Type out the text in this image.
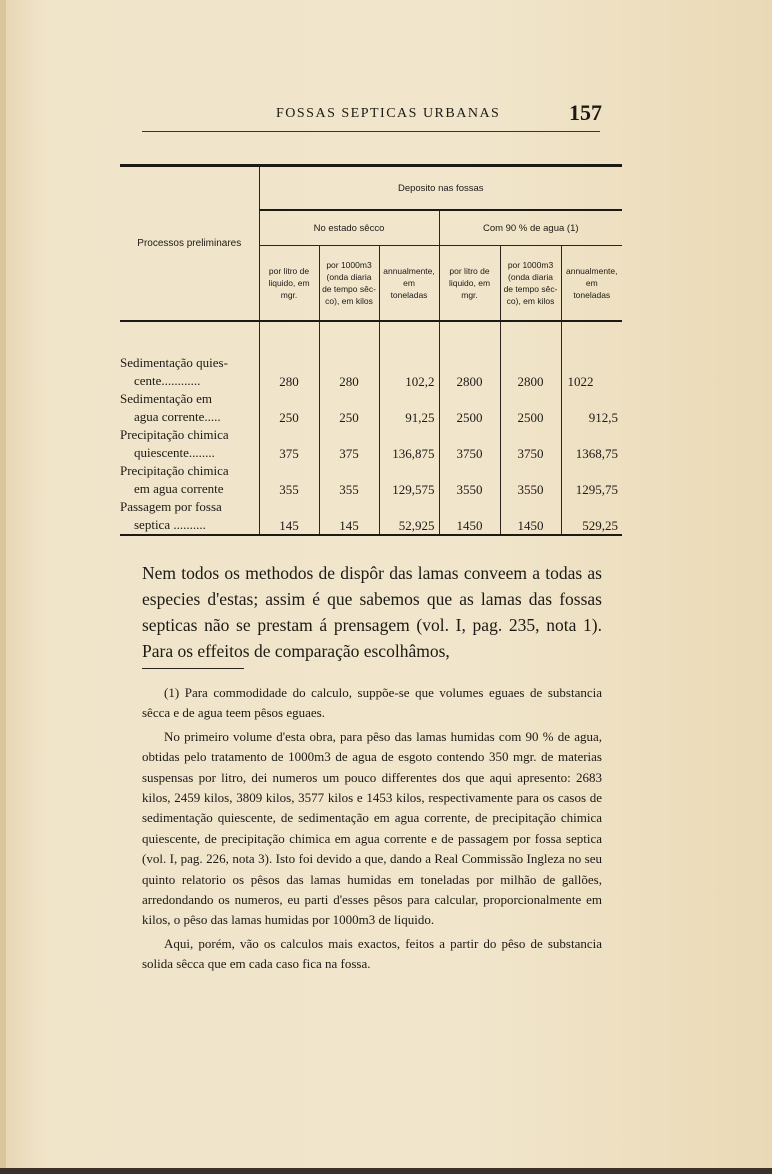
FOSSAS SEPTICAS URBANAS	157

Processos preliminares	Deposito nas fossas					
	No estado sêcco			Com 90 % de agua (1)		

	por litro de
liquido, em
mgr.	por 1000m3
(onda diaria
de tempo sêc-
co), em kilos	annualmente,
em
toneladas	por litro de
liquido, em
mgr.	por 1000m3
(onda diaria
de tempo sêc-
co), em kilos	annualmente,
em
toneladas

Sedimentação quies-
cente............	280	280	102,2	2800	2800	1022

Sedimentação em
agua corrente.....	250	250	91,25	2500	2500	912,5

Precipitação chimica
quiescente........	375	375	136,875	3750	3750	1368,75

Precipitação chimica
em agua corrente	355	355	129,575	3550	3550	1295,75

Passagem por fossa
septica ..........	145	145	52,925	1450	1450	529,25

Nem todos os methodos de dispôr das lamas conveem a todas as especies d'estas; assim é que sabemos que as lamas das fossas septicas não se prestam á prensagem (vol. I, pag. 235, nota 1). Para os effeitos de comparação escolhâmos,

(1) Para commodidade do calculo, suppõe-se que volumes eguaes de substancia sêcca e de agua teem pêsos eguaes.

No primeiro volume d'esta obra, para pêso das lamas humidas com 90 % de agua, obtidas pelo tratamento de 1000m3 de agua de esgoto contendo 350 mgr. de materias suspensas por litro, dei numeros um pouco differentes dos que aqui apresento: 2683 kilos, 2459 kilos, 3809 kilos, 3577 kilos e 1453 kilos, respectivamente para os casos de sedimentação quiescente, de sedimentação em agua corrente, de precipitação chimica quiescente, de precipitação chimica em agua corrente e de passagem por fossa septica (vol. I, pag. 226, nota 3). Isto foi devido a que, dando a Real Commissão Ingleza no seu quinto relatorio os pêsos das lamas humidas em toneladas por milhão de gallões, arredondando os numeros, eu parti d'esses pêsos para calcular, proporcionalmente em kilos, o pêso das lamas humidas por 1000m3 de liquido.

Aqui, porém, vão os calculos mais exactos, feitos a partir do pêso de substancia solida sêcca que em cada caso fica na fossa.
